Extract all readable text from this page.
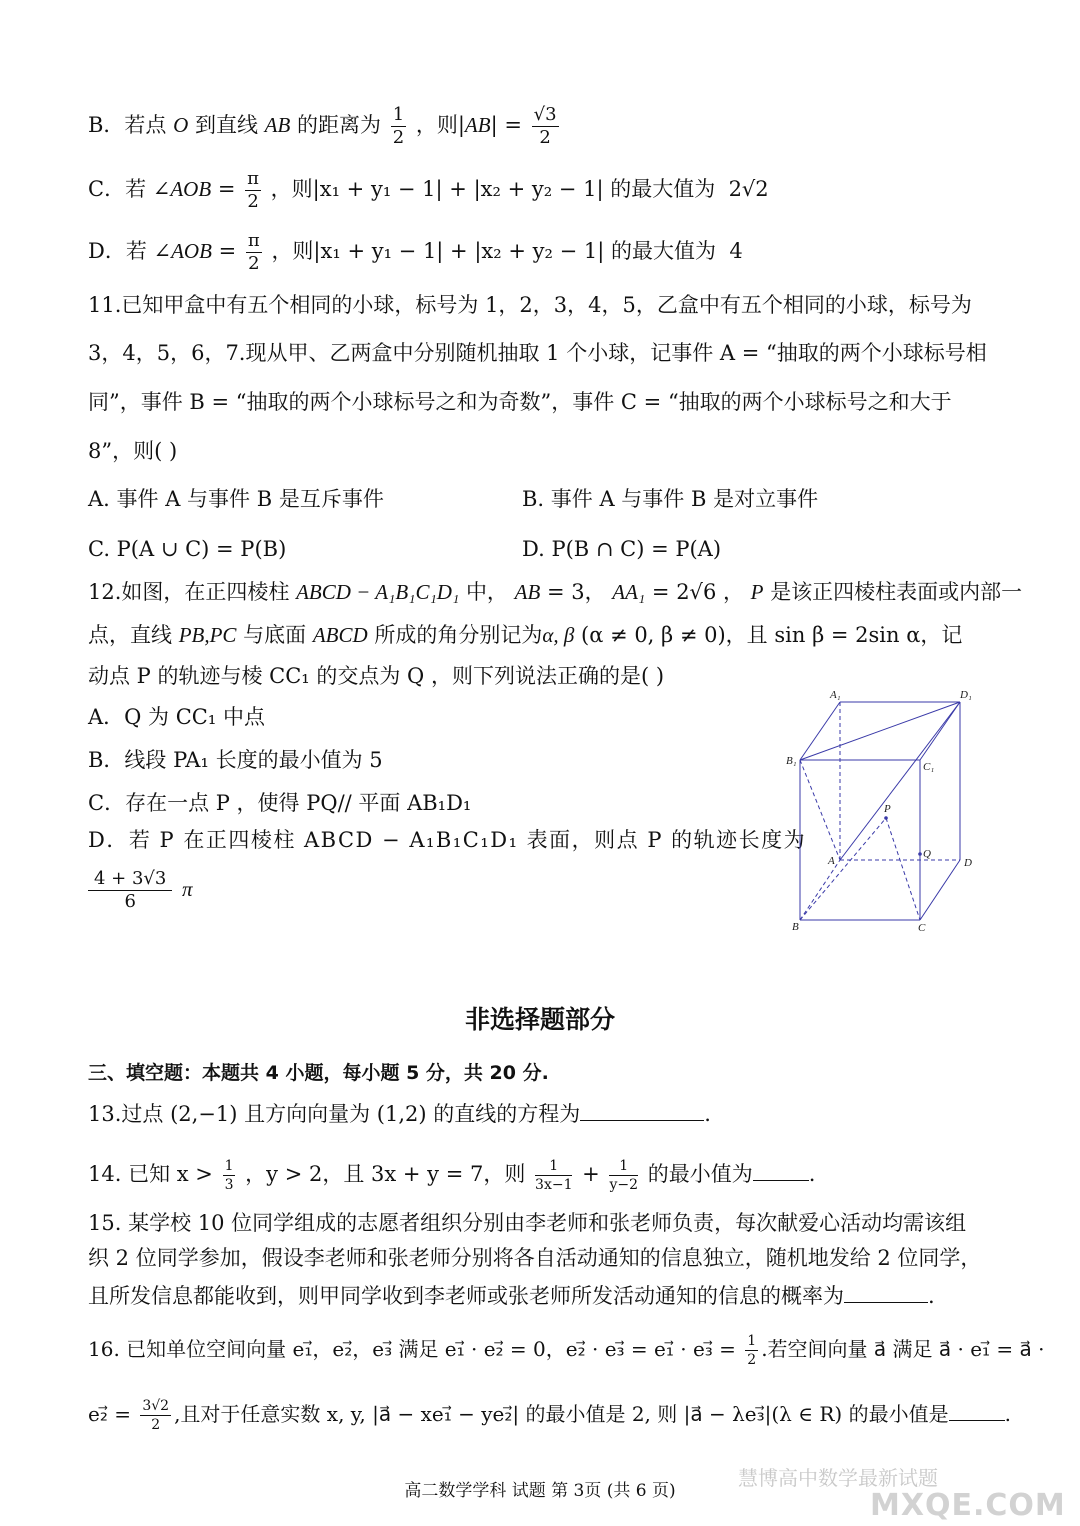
B．若点 O 到直线 AB 的距离为 $\frac{1}{2}$ ，则$|AB| = \frac{√3}{2}$
C．若 ∠AOB = $\frac{\pi}{2}$ ，则|x₁ + y₁ − 1| + |x₂ + y₂ − 1| 的最大值为 2√2
D．若 ∠AOB = $\frac{\pi}{2}$ ，则|x₁ + y₁ − 1| + |x₂ + y₂ − 1| 的最大值为 4
11.已知甲盒中有五个相同的小球，标号为 1，2，3，4，5，乙盒中有五个相同的小球，标号为
3，4，5，6，7.现从甲、乙两盒中分别随机抽取 1 个小球，记事件 A = “抽取的两个小球标号相
同”，事件 B = “抽取的两个小球标号之和为奇数”，事件 C = “抽取的两个小球标号之和大于
8”，则( )
A. 事件 A 与事件 B 是互斥事件	B. 事件 A 与事件 B 是对立事件
C. P(A ∪ C) = P(B)	D. P(B ∩ C) = P(A)
12.如图，在正四棱柱 ABCD − A₁B₁C₁D₁ 中， AB = 3， AA₁ = 2√6 ， P 是该正四棱柱表面或内部一
点，直线 PB,PC 与底面 ABCD 所成的角分别记为α, β (α ≠ 0, β ≠ 0)，且 sin β = 2sin α，记
动点 P 的轨迹与棱 CC₁ 的交点为 Q ，则下列说法正确的是( )
A．Q 为 CC₁ 中点
B．线段 PA₁ 长度的最小值为 5
C．存在一点 P ，使得 PQ// 平面 AB₁D₁
D．若 P 在正四棱柱 ABCD − A₁B₁C₁D₁ 表面，则点 P 的轨迹长度为
$\frac{4 + 3√3}{6}$ π
A₁	D₁
B₁	C₁
P
A
Q
D
B	C
非选择题部分
三、填空题：本题共 4 小题，每小题 5 分，共 20 分.
13.过点 (2,−1) 且方向向量为 (1,2) 的直线的方程为	.
14. 已知 $x > \frac{1}{3}$ ，y > 2，且 3x + y = 7，则 $\frac{1}{3x-1} + \frac{1}{y-2}$ 的最小值为	.
15. 某学校 10 位同学组成的志愿者组织分别由李老师和张老师负责，每次献爱心活动均需该组
织 2 位同学参加，假设李老师和张老师分别将各自活动通知的信息独立，随机地发给 2 位同学，
且所发信息都能收到，则甲同学收到李老师或张老师所发活动通知的信息的概率为	.
16. 已知单位空间向量 e₁⃗，e₂⃗，e₃⃗ 满足 e₁⃗ · e₂⃗ = 0，e₂⃗ · e₃⃗ = e₁⃗ · e₃⃗ = $\frac{1}{2}$ .若空间向量 a⃗ 满足 a⃗ · e₁⃗ = a⃗ ·
e₂⃗ = $\frac{3√2}{2}$ ,且对于任意实数 x, y, |a⃗ − xe₁⃗ − ye₂⃗| 的最小值是 2, 则 |a⃗ − λe₃⃗|(λ ∈ R) 的最小值是	.
高二数学学科 试题 第 3页 (共 6 页)
慧博高中数学最新试题
MXQE.COM
